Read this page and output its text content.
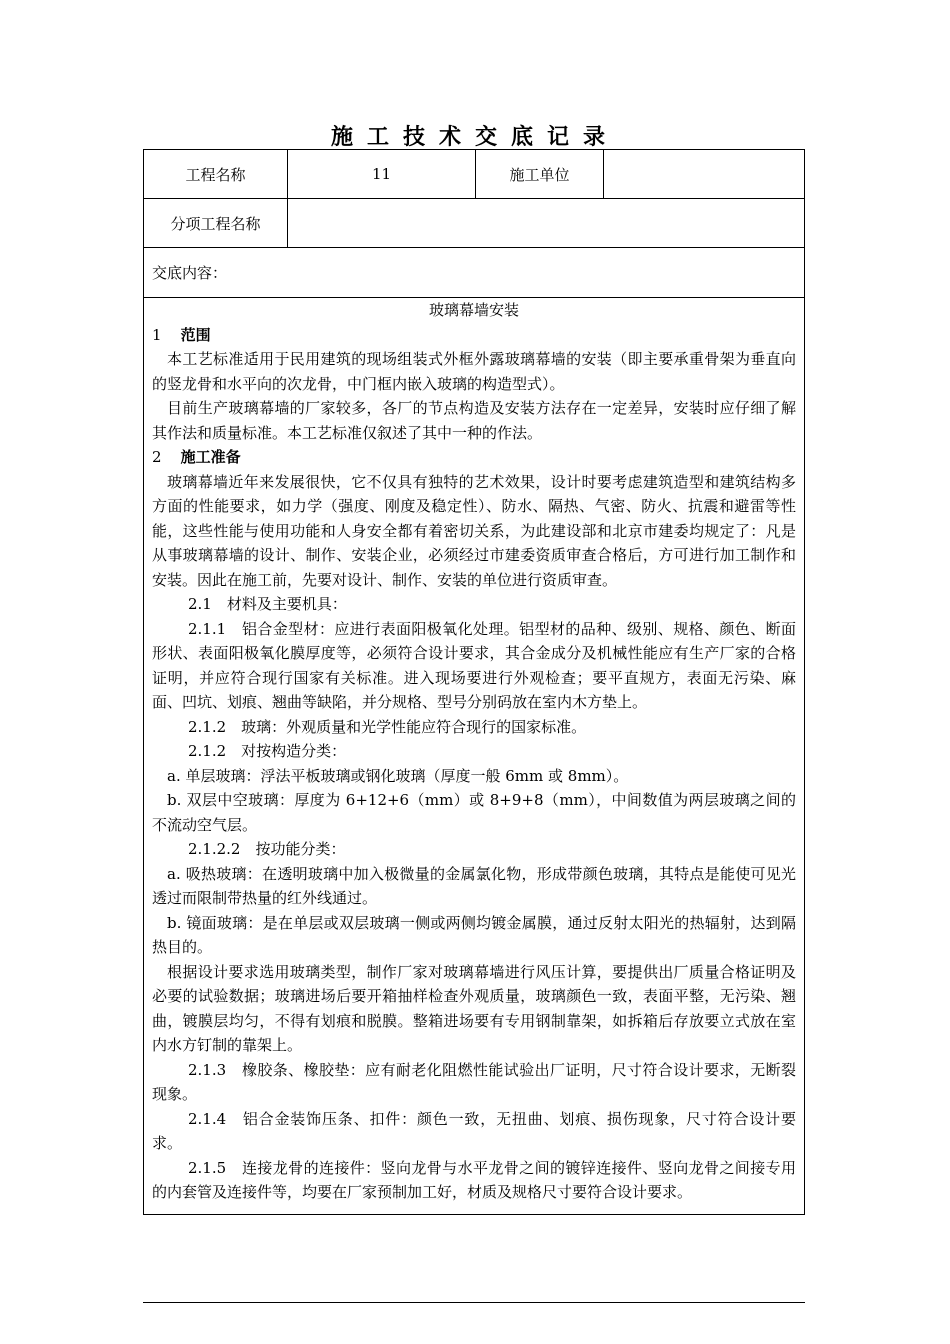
施工技术交底记录
工程名称	11	施工单位
分项工程名称
交底内容：

玻璃幕墙安装

1 范围

本工艺标准适用于民用建筑的现场组装式外框外露玻璃幕墙的安装（即主要承重骨架为垂直向的竖龙骨和水平向的次龙骨，中门框内嵌入玻璃的构造型式）。

目前生产玻璃幕墙的厂家较多，各厂的节点构造及安装方法存在一定差异，安装时应仔细了解其作法和质量标准。本工艺标准仅叙述了其中一种的作法。

2 施工准备

玻璃幕墙近年来发展很快，它不仅具有独特的艺术效果，设计时要考虑建筑造型和建筑结构多方面的性能要求，如力学（强度、刚度及稳定性）、防水、隔热、气密、防火、抗震和避雷等性能，这些性能与使用功能和人身安全都有着密切关系，为此建设部和北京市建委均规定了：凡是从事玻璃幕墙的设计、制作、安装企业，必须经过市建委资质审查合格后，方可进行加工制作和安装。因此在施工前，先要对设计、制作、安装的单位进行资质审查。

2.1　材料及主要机具：

2.1.1　铝合金型材：应进行表面阳极氧化处理。铝型材的品种、级别、规格、颜色、断面形状、表面阳极氧化膜厚度等，必须符合设计要求，其合金成分及机械性能应有生产厂家的合格证明，并应符合现行国家有关标准。进入现场要进行外观检查；要平直规方，表面无污染、麻面、凹坑、划痕、翘曲等缺陷，并分规格、型号分别码放在室内木方垫上。

2.1.2　玻璃：外观质量和光学性能应符合现行的国家标准。

2.1.2　对按构造分类：

a. 单层玻璃：浮法平板玻璃或钢化玻璃（厚度一般 6mm 或 8mm）。

b. 双层中空玻璃：厚度为 6+12+6（mm）或 8+9+8（mm），中间数值为两层玻璃之间的不流动空气层。

2.1.2.2　按功能分类：

a. 吸热玻璃：在透明玻璃中加入极微量的金属氯化物，形成带颜色玻璃，其特点是能使可见光透过而限制带热量的红外线通过。

b. 镜面玻璃：是在单层或双层玻璃一侧或两侧均镀金属膜，通过反射太阳光的热辐射，达到隔热目的。

根据设计要求选用玻璃类型，制作厂家对玻璃幕墙进行风压计算，要提供出厂质量合格证明及必要的试验数据；玻璃进场后要开箱抽样检查外观质量，玻璃颜色一致，表面平整，无污染、翘曲，镀膜层均匀，不得有划痕和脱膜。整箱进场要有专用钢制靠架，如拆箱后存放要立式放在室内水方钉制的靠架上。

2.1.3　橡胶条、橡胶垫：应有耐老化阻燃性能试验出厂证明，尺寸符合设计要求，无断裂现象。

2.1.4　铝合金装饰压条、扣件：颜色一致，无扭曲、划痕、损伤现象，尺寸符合设计要求。

2.1.5　连接龙骨的连接件：竖向龙骨与水平龙骨之间的镀锌连接件、竖向龙骨之间接专用的内套管及连接件等，均要在厂家预制加工好，材质及规格尺寸要符合设计要求。
